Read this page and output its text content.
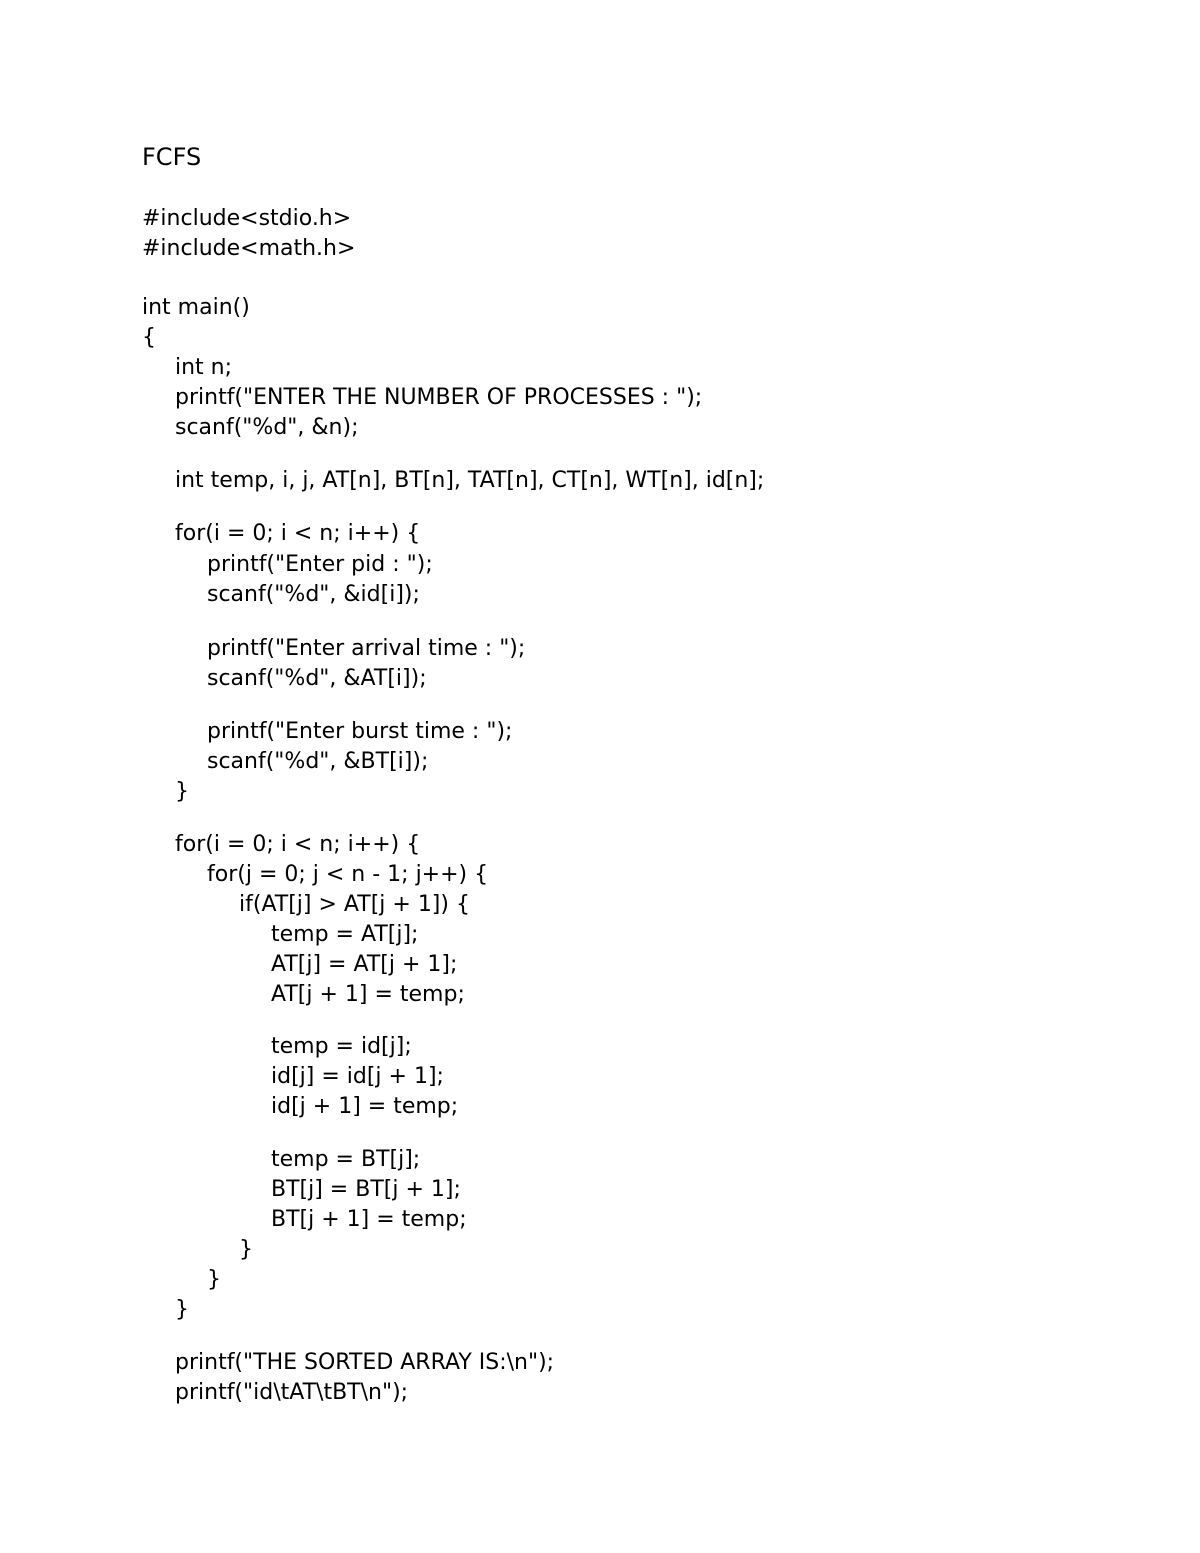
FCFS
#include<stdio.h>
#include<math.h>
int main()
{
int n;
printf("ENTER THE NUMBER OF PROCESSES : ");
scanf("%d", &n);
int temp, i, j, AT[n], BT[n], TAT[n], CT[n], WT[n], id[n];
for(i = 0; i < n; i++) {
printf("Enter pid : ");
scanf("%d", &id[i]);
printf("Enter arrival time : ");
scanf("%d", &AT[i]);
printf("Enter burst time : ");
scanf("%d", &BT[i]);
}
for(i = 0; i < n; i++) {
for(j = 0; j < n - 1; j++) {
if(AT[j] > AT[j + 1]) {
temp = AT[j];
AT[j] = AT[j + 1];
AT[j + 1] = temp;
temp = id[j];
id[j] = id[j + 1];
id[j + 1] = temp;
temp = BT[j];
BT[j] = BT[j + 1];
BT[j + 1] = temp;
}
}
}
printf("THE SORTED ARRAY IS:\n");
printf("id\tAT\tBT\n");
